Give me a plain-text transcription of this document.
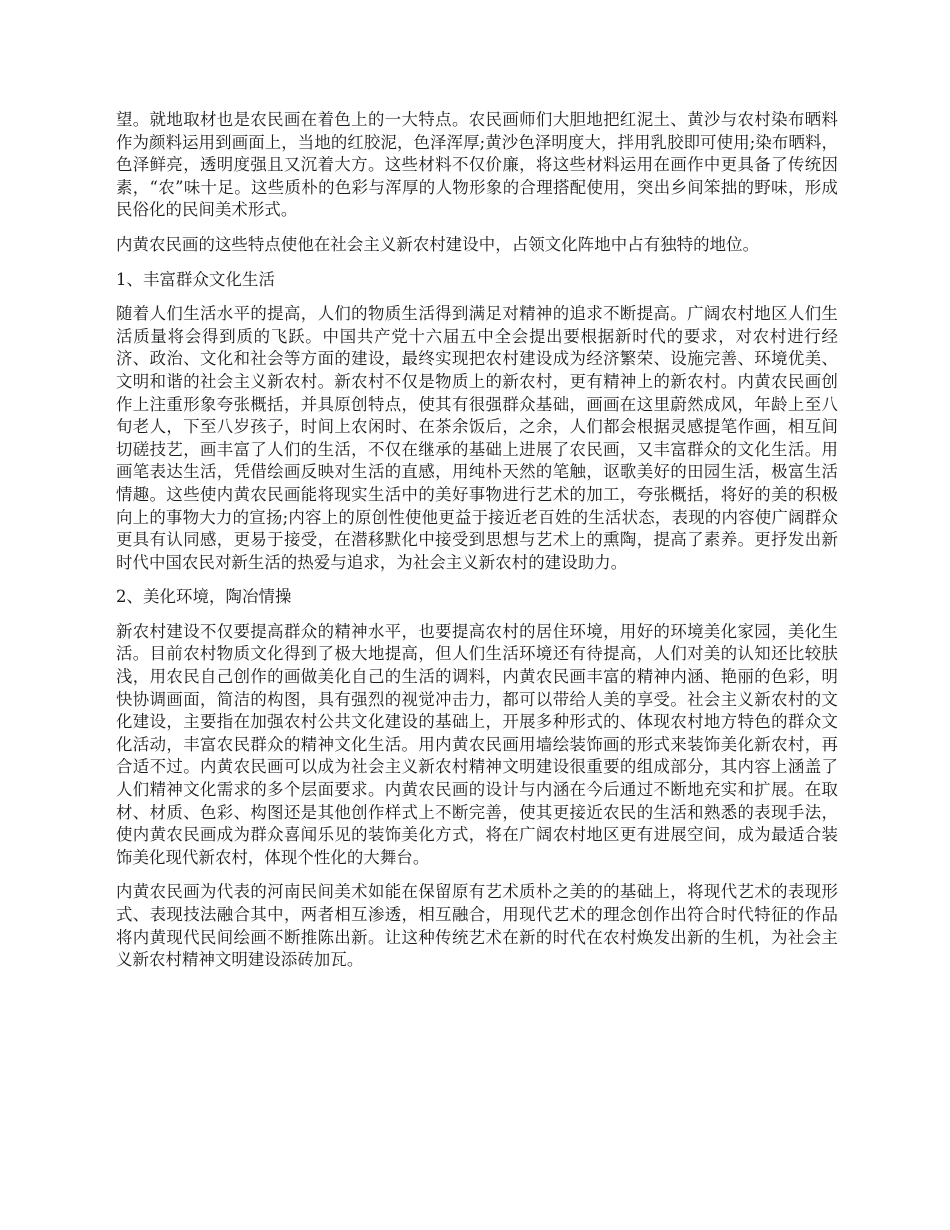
望。就地取材也是农民画在着色上的一大特点。农民画师们大胆地把红泥土、黄沙与农村染布晒料作为颜料运用到画面上，当地的红胶泥，色泽浑厚;黄沙色泽明度大，拌用乳胶即可使用;染布晒料，色泽鲜亮，透明度强且又沉着大方。这些材料不仅价廉，将这些材料运用在画作中更具备了传统因素，“农”味十足。这些质朴的色彩与浑厚的人物形象的合理搭配使用，突出乡间笨拙的野味，形成民俗化的民间美术形式。

内黄农民画的这些特点使他在社会主义新农村建设中，占领文化阵地中占有独特的地位。

1、丰富群众文化生活

随着人们生活水平的提高，人们的物质生活得到满足对精神的追求不断提高。广阔农村地区人们生活质量将会得到质的飞跃。中国共产党十六届五中全会提出要根据新时代的要求，对农村进行经济、政治、文化和社会等方面的建设，最终实现把农村建设成为经济繁荣、设施完善、环境优美、文明和谐的社会主义新农村。新农村不仅是物质上的新农村，更有精神上的新农村。内黄农民画创作上注重形象夸张概括，并具原创特点，使其有很强群众基础，画画在这里蔚然成风，年龄上至八旬老人，下至八岁孩子，时间上农闲时、在茶余饭后，之余，人们都会根据灵感提笔作画，相互间切磋技艺，画丰富了人们的生活，不仅在继承的基础上进展了农民画，又丰富群众的文化生活。用画笔表达生活，凭借绘画反映对生活的直感，用纯朴天然的笔触，讴歌美好的田园生活，极富生活情趣。这些使内黄农民画能将现实生活中的美好事物进行艺术的加工，夸张概括，将好的美的积极向上的事物大力的宣扬;内容上的原创性使他更益于接近老百姓的生活状态，表现的内容使广阔群众更具有认同感，更易于接受，在潜移默化中接受到思想与艺术上的熏陶，提高了素养。更抒发出新时代中国农民对新生活的热爱与追求，为社会主义新农村的建设助力。

2、美化环境，陶冶情操

新农村建设不仅要提高群众的精神水平，也要提高农村的居住环境，用好的环境美化家园，美化生活。目前农村物质文化得到了极大地提高，但人们生活环境还有待提高，人们对美的认知还比较肤浅，用农民自己创作的画做美化自己的生活的调料，内黄农民画丰富的精神内涵、艳丽的色彩，明快协调画面，简洁的构图，具有强烈的视觉冲击力，都可以带给人美的享受。社会主义新农村的文化建设，主要指在加强农村公共文化建设的基础上，开展多种形式的、体现农村地方特色的群众文化活动，丰富农民群众的精神文化生活。用内黄农民画用墙绘装饰画的形式来装饰美化新农村，再合适不过。内黄农民画可以成为社会主义新农村精神文明建设很重要的组成部分，其内容上涵盖了人们精神文化需求的多个层面要求。内黄农民画的设计与内涵在今后通过不断地充实和扩展。在取材、材质、色彩、构图还是其他创作样式上不断完善，使其更接近农民的生活和熟悉的表现手法，使内黄农民画成为群众喜闻乐见的装饰美化方式，将在广阔农村地区更有进展空间，成为最适合装饰美化现代新农村，体现个性化的大舞台。

内黄农民画为代表的河南民间美术如能在保留原有艺术质朴之美的的基础上，将现代艺术的表现形式、表现技法融合其中，两者相互渗透，相互融合，用现代艺术的理念创作出符合时代特征的作品将内黄现代民间绘画不断推陈出新。让这种传统艺术在新的时代在农村焕发出新的生机，为社会主义新农村精神文明建设添砖加瓦。
